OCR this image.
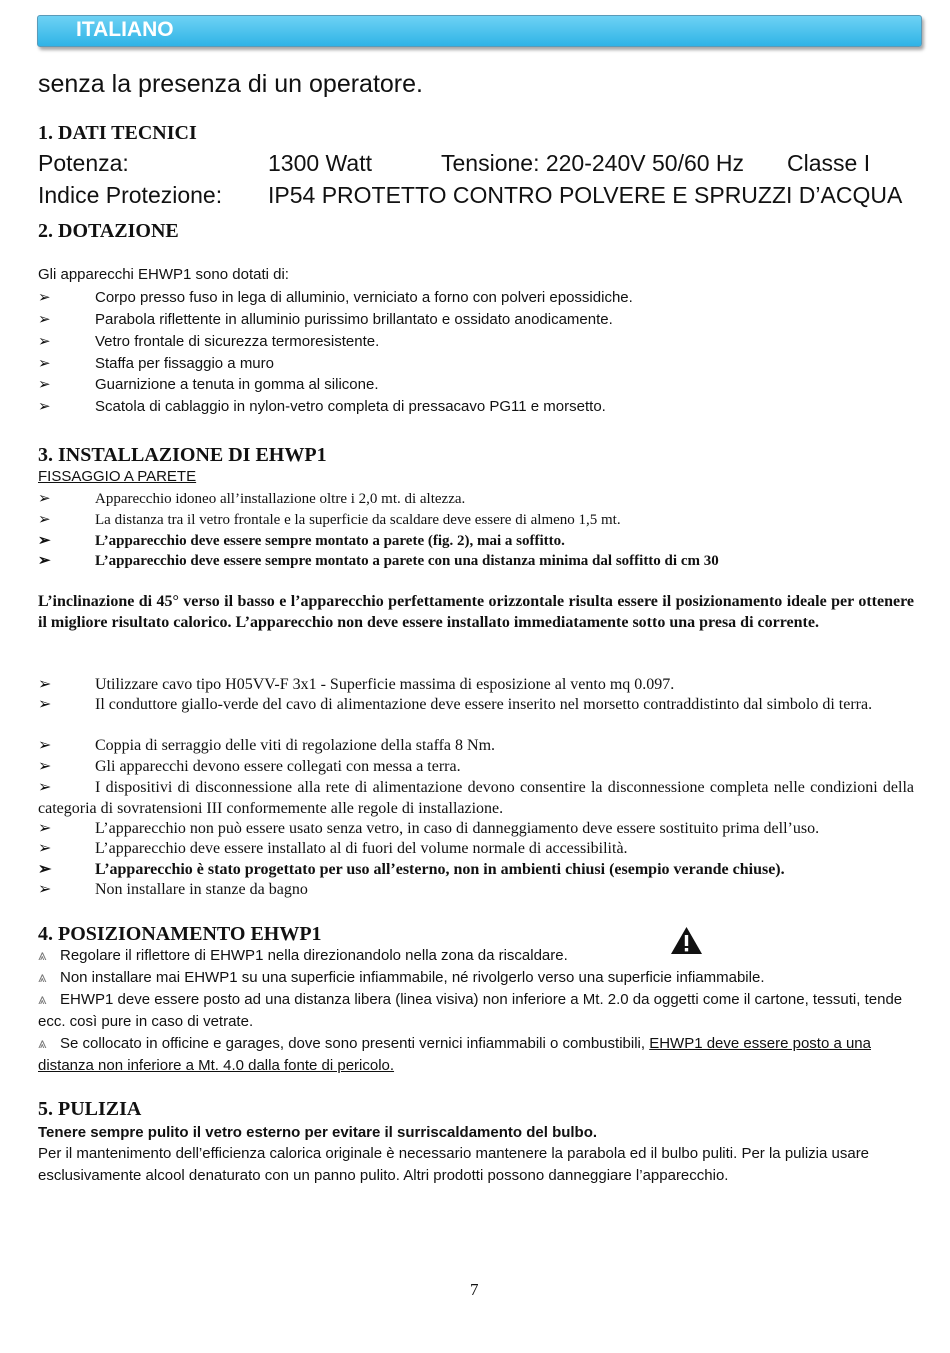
ITALIANO
senza la presenza di un operatore.
1. DATI TECNICI
Potenza:	1300 Watt	Tensione: 220-240V 50/60 Hz Classe I
Indice Protezione: IP54 PROTETTO CONTRO POLVERE E SPRUZZI D’ACQUA
2. DOTAZIONE
Gli apparecchi EHWP1 sono dotati di:
➢	Corpo presso fuso in lega di alluminio, verniciato a forno con polveri epossidiche.
➢	Parabola riflettente in alluminio purissimo brillantato e ossidato anodicamente.
➢	Vetro frontale di sicurezza termoresistente.
➢	Staffa per fissaggio a muro
➢	Guarnizione a tenuta in gomma al silicone.
➢	Scatola di cablaggio in nylon-vetro completa di pressacavo PG11 e morsetto.
3. INSTALLAZIONE DI EHWP1
FISSAGGIO A PARETE
➢	Apparecchio idoneo all’installazione oltre i 2,0 mt. di altezza.
➢	La distanza tra il vetro frontale e la superficie da scaldare deve essere di almeno 1,5 mt.
➢	L’apparecchio deve essere sempre montato a parete (fig. 2), mai a soffitto.
➢	L’apparecchio deve essere sempre montato a parete con una distanza minima dal soffitto di cm 30
L’inclinazione di 45° verso il basso e l’apparecchio perfettamente orizzontale risulta essere il posizionamento ideale per ottenere il migliore risultato calorico. L’apparecchio non deve essere installato immediatamente sotto una presa di corrente.
➢	Utilizzare cavo tipo H05VV-F 3x1 - Superficie massima di esposizione al vento mq 0.097.
➢	Il conduttore giallo-verde del cavo di alimentazione deve essere inserito nel morsetto contraddistinto dal simbolo di terra.
➢	Coppia di serraggio delle viti di regolazione della staffa 8 Nm.
➢	Gli apparecchi devono essere collegati con messa a terra.
➢	I dispositivi di disconnessione alla rete di alimentazione devono consentire la disconnessione completa nelle condizioni della categoria di sovratensioni III conformemente alle regole di installazione.
➢	L’apparecchio non può essere usato senza vetro, in caso di danneggiamento deve essere sostituito prima dell’uso.
➢	L’apparecchio deve essere installato al di fuori del volume normale di accessibilità.
➢	L’apparecchio è stato progettato per uso all’esterno, non in ambienti chiusi (esempio verande chiuse).
➢	Non installare in stanze da bagno
4. POSIZIONAMENTO EHWP1
⩓ Regolare il riflettore di EHWP1 nella direzionandolo nella zona da riscaldare.
⩓ Non installare mai EHWP1 su una superficie infiammabile, né rivolgerlo verso una superficie infiammabile.
⩓ EHWP1 deve essere posto ad una distanza libera (linea visiva) non inferiore a Mt. 2.0 da oggetti come il cartone, tessuti, tende ecc. così pure in caso di vetrate.
⩓ Se collocato in officine e garages, dove sono presenti vernici infiammabili o combustibili, EHWP1 deve essere posto a una distanza non inferiore a Mt. 4.0 dalla fonte di pericolo.
5. PULIZIA
Tenere sempre pulito il vetro esterno per evitare il surriscaldamento del bulbo.
Per il mantenimento dell’efficienza calorica originale è necessario mantenere la parabola ed il bulbo puliti. Per la pulizia usare esclusivamente alcool denaturato con un panno pulito. Altri prodotti possono danneggiare l’apparecchio.
7
